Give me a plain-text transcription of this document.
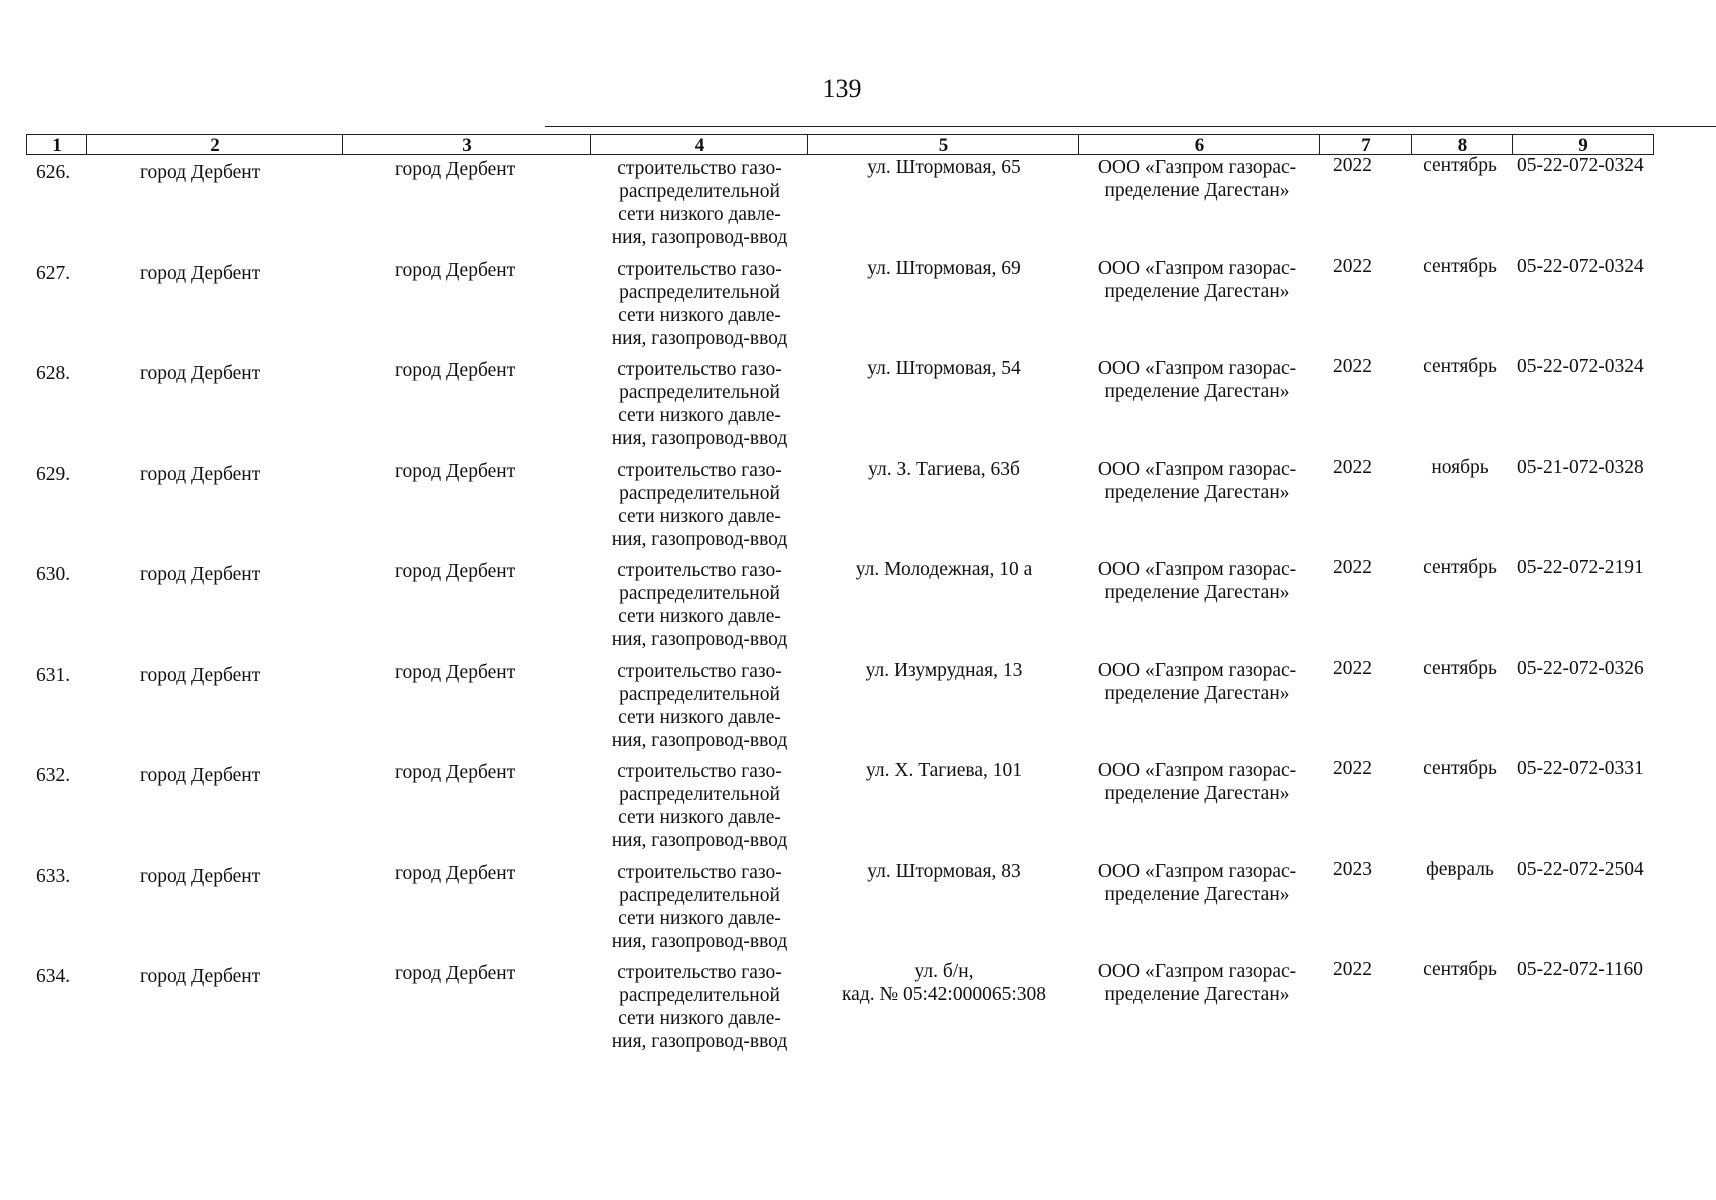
139
1	2	3	4	5	6	7	8	9
626.	город Дербент	город Дербент	строительство газо-
распределительной
сети низкого давле-
ния, газопровод-ввод
ул. Штормовая, 65	ООО «Газпром газорас-
пределение Дагестан»
2022	сентябрь	05-22-072-0324
627.	город Дербент	город Дербент	строительство газо-
распределительной
сети низкого давле-
ния, газопровод-ввод
ул. Штормовая, 69	ООО «Газпром газорас-
пределение Дагестан»
2022	сентябрь	05-22-072-0324
628.	город Дербент	город Дербент	строительство газо-
распределительной
сети низкого давле-
ния, газопровод-ввод
ул. Штормовая, 54	ООО «Газпром газорас-
пределение Дагестан»
2022	сентябрь	05-22-072-0324
629.	город Дербент	город Дербент	строительство газо-
распределительной
сети низкого давле-
ния, газопровод-ввод
ул. З. Тагиева, 63б	ООО «Газпром газорас-
пределение Дагестан»
2022	ноябрь	05-21-072-0328
630.	город Дербент	город Дербент	строительство газо-
распределительной
сети низкого давле-
ния, газопровод-ввод
ул. Молодежная, 10 а	ООО «Газпром газорас-
пределение Дагестан»
2022	сентябрь	05-22-072-2191
631.	город Дербент	город Дербент	строительство газо-
распределительной
сети низкого давле-
ния, газопровод-ввод
ул. Изумрудная, 13	ООО «Газпром газорас-
пределение Дагестан»
2022	сентябрь	05-22-072-0326
632.	город Дербент	город Дербент	строительство газо-
распределительной
сети низкого давле-
ния, газопровод-ввод
ул. Х. Тагиева, 101	ООО «Газпром газорас-
пределение Дагестан»
2022	сентябрь	05-22-072-0331
633.	город Дербент	город Дербент	строительство газо-
распределительной
сети низкого давле-
ния, газопровод-ввод
ул. Штормовая, 83	ООО «Газпром газорас-
пределение Дагестан»
2023	февраль	05-22-072-2504
634.	город Дербент	город Дербент	строительство газо-
распределительной
сети низкого давле-
ния, газопровод-ввод
ул. б/н,
кад. № 05:42:000065:308
ООО «Газпром газорас-
пределение Дагестан»
2022	сентябрь	05-22-072-1160
